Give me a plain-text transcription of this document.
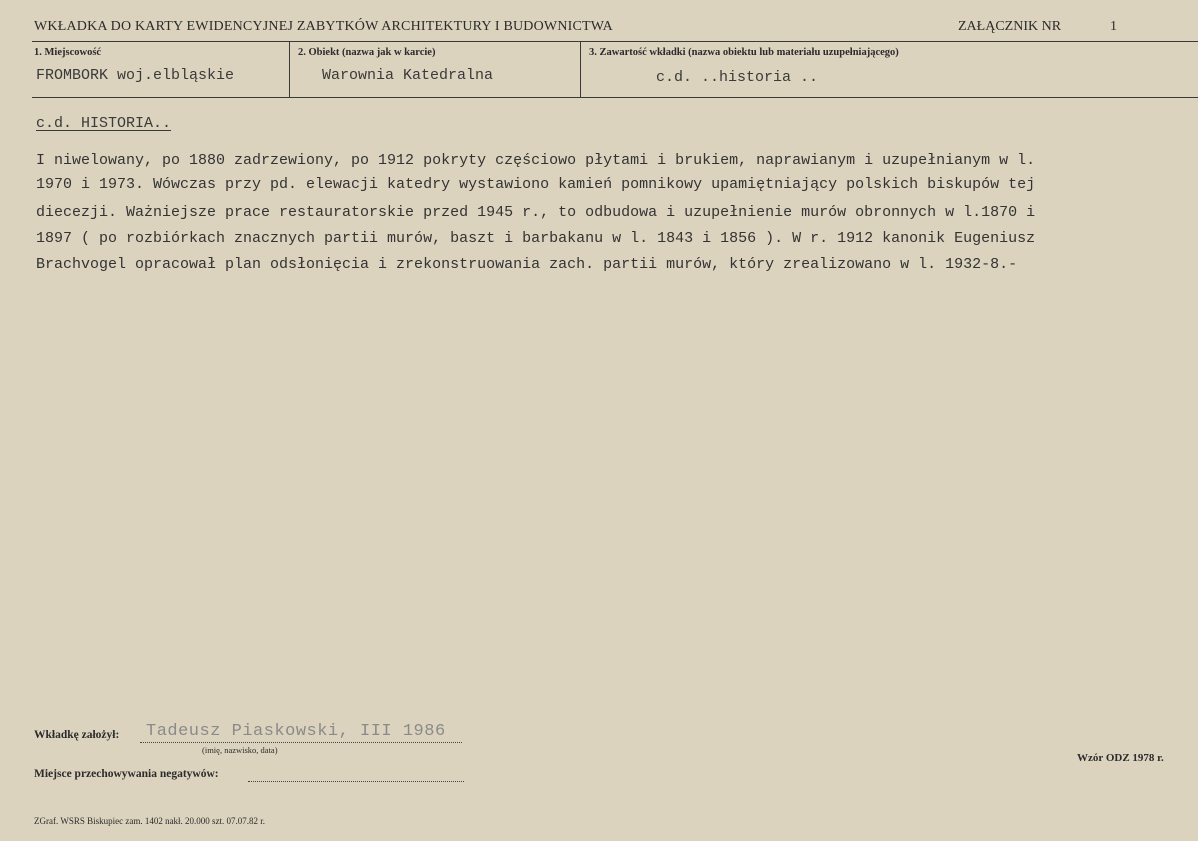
WKŁADKA DO KARTY EWIDENCYJNEJ ZABYTKÓW ARCHITEKTURY I BUDOWNICTWA	ZAŁĄCZNIK NR	1
1. Miejscowość
FROMBORK woj.elbląskie
2. Obiekt (nazwa jak w karcie)
Warownia Katedralna
3. Zawartość wkładki (nazwa obiektu lub materiału uzupełniającego)
c.d. ..historia ..
c.d. HISTORIA..
I niwelowany, po 1880 zadrzewiony, po 1912 pokryty częściowo płytami i brukiem, naprawianym i uzupełnianym w l.
1970 i 1973. Wówczas przy pd. elewacji katedry wystawiono kamień pomnikowy upamiętniający polskich biskupów tej
diecezji. Ważniejsze prace restauratorskie przed 1945 r., to odbudowa i uzupełnienie murów obronnych w l.1870 i
1897 ( po rozbiórkach znacznych partii murów, baszt i barbakanu w l. 1843 i 1856 ). W r. 1912 kanonik Eugeniusz
Brachvogel opracował plan odsłonięcia i zrekonstruowania zach. partii murów, który zrealizowano w l. 1932-8.-
Wkładkę założył: Tadeusz Piaskowski, III 1986
(imię, nazwisko, data)
Miejsce przechowywania negatywów:
Wzór ODZ 1978 r.
ZGraf. WSRS Biskupiec zam. 1402 nakł. 20.000 szt. 07.07.82 r.
